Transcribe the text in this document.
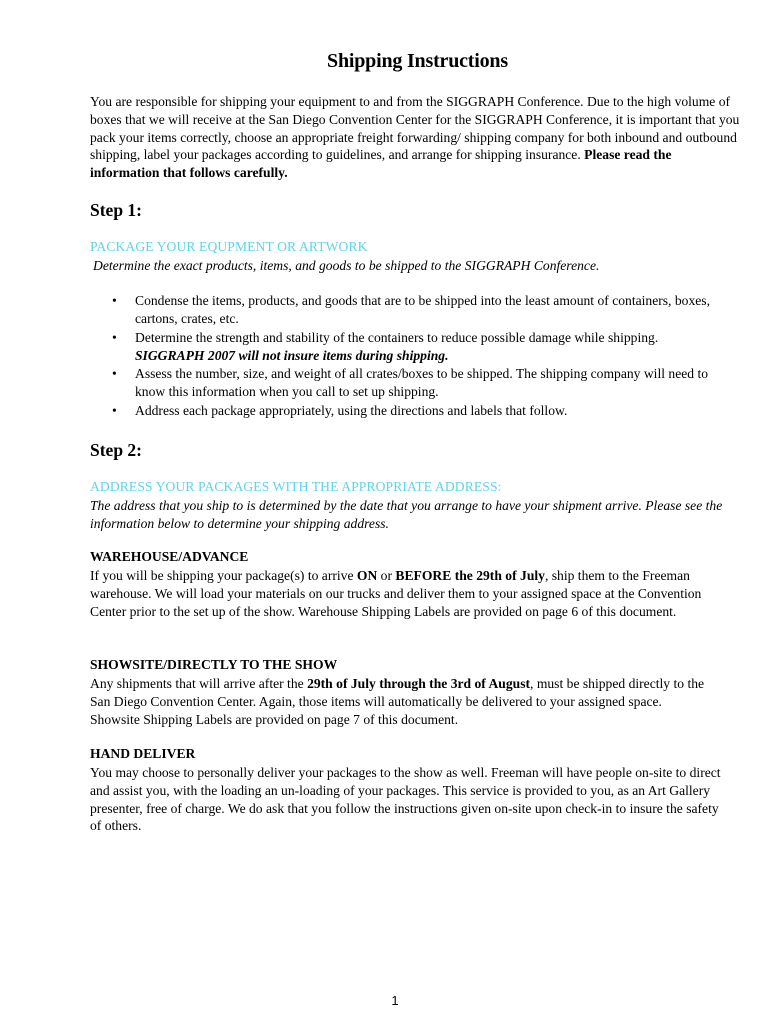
Shipping Instructions

You are responsible for shipping your equipment to and from the SIGGRAPH Conference. Due to the high volume of boxes that we will receive at the San Diego Convention Center for the SIGGRAPH Conference, it is important that you pack your items correctly, choose an appropriate freight forwarding/ shipping company for both inbound and outbound shipping, label your packages according to guidelines, and arrange for shipping insurance. Please read the information that follows carefully.

Step 1:
PACKAGE YOUR EQUPMENT OR ARTWORK

Determine the exact products, items, and goods to be shipped to the SIGGRAPH Conference.

• Condense the items, products, and goods that are to be shipped into the least amount of containers, boxes, cartons, crates, etc.
• Determine the strength and stability of the containers to reduce possible damage while shipping. SIGGRAPH 2007 will not insure items during shipping.
• Assess the number, size, and weight of all crates/boxes to be shipped. The shipping company will need to know this information when you call to set up shipping.
• Address each package appropriately, using the directions and labels that follow.
Step 2:
ADDRESS YOUR PACKAGES WITH THE APPROPRIATE ADDRESS:

The address that you ship to is determined by the date that you arrange to have your shipment arrive. Please see the information below to determine your shipping address.

WAREHOUSE/ADVANCE

If you will be shipping your package(s) to arrive ON or BEFORE the 29th of July, ship them to the Freeman warehouse. We will load your materials on our trucks and deliver them to your assigned space at the Convention Center prior to the set up of the show. Warehouse Shipping Labels are provided on page 6 of this document.

SHOWSITE/DIRECTLY TO THE SHOW

Any shipments that will arrive after the 29th of July through the 3rd of August, must be shipped directly to the San Diego Convention Center. Again, those items will automatically be delivered to your assigned space. Showsite Shipping Labels are provided on page 7 of this document.

HAND DELIVER

You may choose to personally deliver your packages to the show as well. Freeman will have people on-site to direct and assist you, with the loading an un-loading of your packages. This service is provided to you, as an Art Gallery presenter, free of charge. We do ask that you follow the instructions given on-site upon check-in to insure the safety of others.

1
